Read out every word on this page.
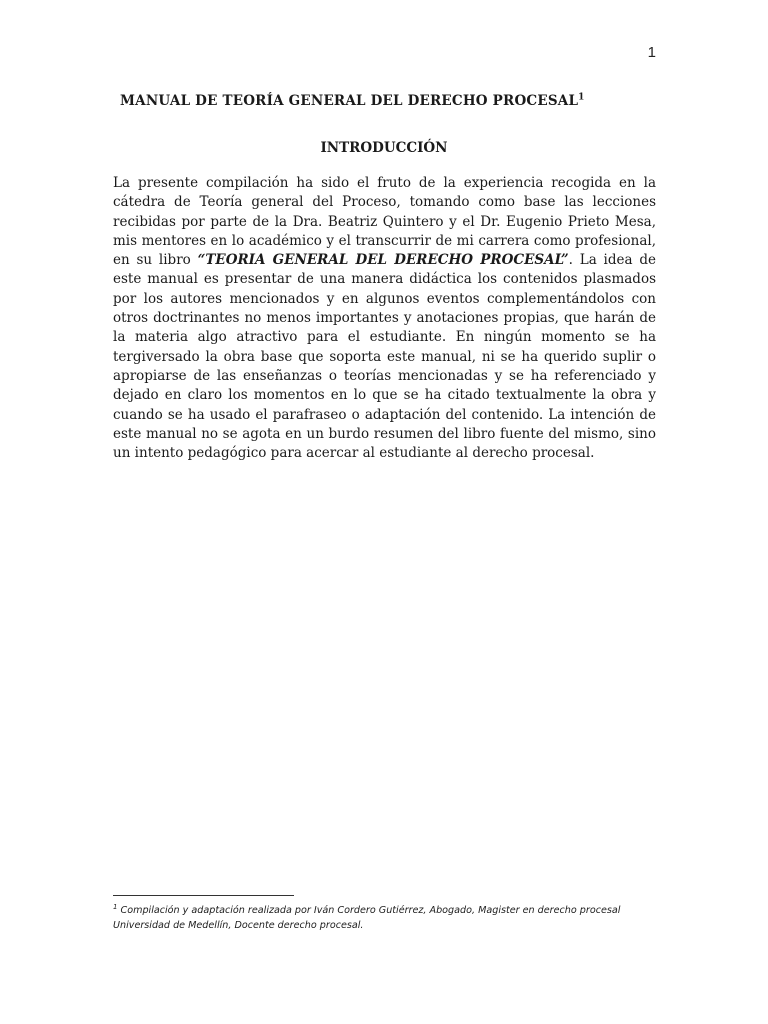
1
MANUAL DE TEORÍA GENERAL DEL DERECHO PROCESAL$^1$
INTRODUCCIÓN
La presente compilación ha sido el fruto de la experiencia recogida en la cátedra de Teoría general del Proceso, tomando como base las lecciones recibidas por parte de la Dra. Beatriz Quintero y el Dr. Eugenio Prieto Mesa, mis mentores en lo académico y el transcurrir de mi carrera como profesional, en su libro “TEORIA GENERAL DEL DERECHO PROCESAL”. La idea de este manual es presentar de una manera didáctica los contenidos plasmados por los autores mencionados y en algunos eventos complementándolos con otros doctrinantes no menos importantes y anotaciones propias, que harán de la materia algo atractivo para el estudiante. En ningún momento se ha tergiversado la obra base que soporta este manual, ni se ha querido suplir o apropiarse de las enseñanzas o teorías mencionadas y se ha referenciado y dejado en claro los momentos en lo que se ha citado textualmente la obra y cuando se ha usado el parafraseo o adaptación del contenido. La intención de este manual no se agota en un burdo resumen del libro fuente del mismo, sino un intento pedagógico para acercar al estudiante al derecho procesal.
$^1$ Compilación y adaptación realizada por Iván Cordero Gutiérrez, Abogado, Magister en derecho procesal
Universidad de Medellín, Docente derecho procesal.
